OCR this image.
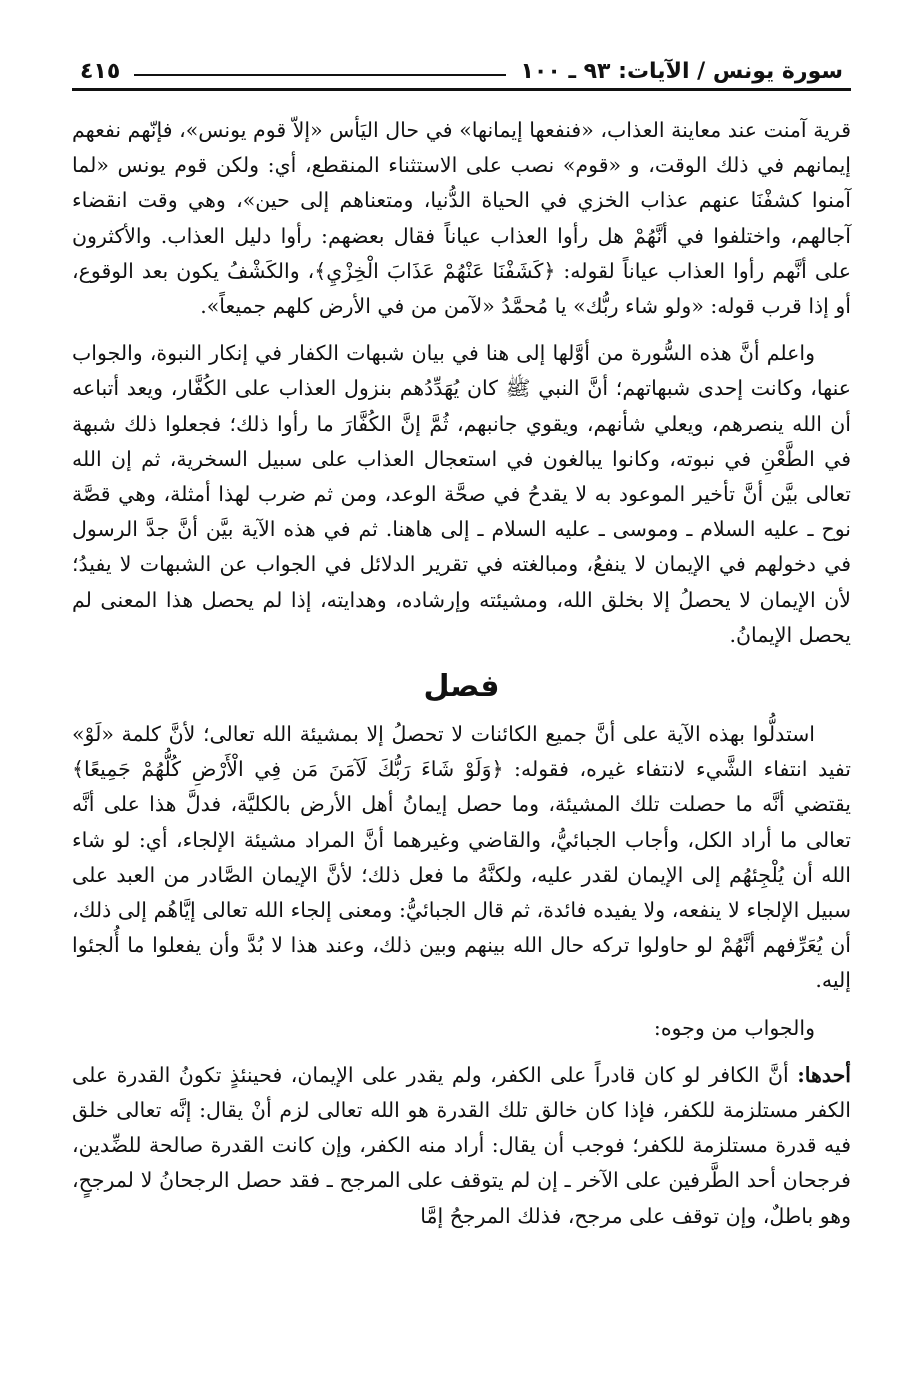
سورة يونس / الآيات: ٩٣ ـ ١٠٠
٤١٥

قرية آمنت عند معاينة العذاب، «فنفعها إيمانها» في حال اليَأس «إلاّ قوم يونس»، فإنّهم نفعهم إيمانهم في ذلك الوقت، و «قوم» نصب على الاستثناء المنقطع، أي: ولكن قوم يونس «لما آمنوا كشفْنَا عنهم عذاب الخزي في الحياة الدُّنيا، ومتعناهم إلى حين»، وهي وقت انقضاء آجالهم، واختلفوا في أنَّهُمْ هل رأوا العذاب عياناً فقال بعضهم: رأوا دليل العذاب. والأكثرون على أنَّهم رأوا العذاب عياناً لقوله: ﴿كَشَفْنَا عَنْهُمْ عَذَابَ الْخِزْيِ﴾، والكَشْفُ يكون بعد الوقوع، أو إذا قرب قوله: «ولو شاء ربُّك» يا مُحمَّدُ «لآمن من في الأرض كلهم جميعاً».

واعلم أنَّ هذه السُّورة من أوَّلها إلى هنا في بيان شبهات الكفار في إنكار النبوة، والجواب عنها، وكانت إحدى شبهاتهم؛ أنَّ النبي ﷺ كان يُهَدِّدُهم بنزول العذاب على الكُفَّار، ويعد أتباعه أن الله ينصرهم، ويعلي شأنهم، ويقوي جانبهم، ثُمَّ إنَّ الكُفَّارَ ما رأوا ذلك؛ فجعلوا ذلك شبهة في الطَّعْنِ في نبوته، وكانوا يبالغون في استعجال العذاب على سبيل السخرية، ثم إن الله تعالى بيَّن أنَّ تأخير الموعود به لا يقدحُ في صحَّة الوعد، ومن ثم ضرب لهذا أمثلة، وهي قصَّة نوح ـ عليه السلام ـ وموسى ـ عليه السلام ـ إلى هاهنا. ثم في هذه الآية بيَّن أنَّ جدَّ الرسول في دخولهم في الإيمان لا ينفعُ، ومبالغته في تقرير الدلائل في الجواب عن الشبهات لا يفيدُ؛ لأن الإيمان لا يحصلُ إلا بخلق الله، ومشيئته وإرشاده، وهدايته، إذا لم يحصل هذا المعنى لم يحصل الإيمانُ.

فصل

استدلُّوا بهذه الآية على أنَّ جميع الكائنات لا تحصلُ إلا بمشيئة الله تعالى؛ لأنَّ كلمة «لَوْ» تفيد انتفاء الشَّيء لانتفاء غيره، فقوله: ﴿وَلَوْ شَاءَ رَبُّكَ لَآمَنَ مَن فِي الْأَرْضِ كُلُّهُمْ جَمِيعًا﴾ يقتضي أنَّه ما حصلت تلك المشيئة، وما حصل إيمانُ أهل الأرض بالكليَّة، فدلَّ هذا على أنَّه تعالى ما أراد الكل، وأجاب الجبائيُّ، والقاضي وغيرهما أنَّ المراد مشيئة الإلجاء، أي: لو شاء الله أن يُلْجِئهُم إلى الإيمان لقدر عليه، ولكنَّهُ ما فعل ذلك؛ لأنَّ الإيمان الصَّادر من العبد على سبيل الإلجاء لا ينفعه، ولا يفيده فائدة، ثم قال الجبائيُّ: ومعنى إلجاء الله تعالى إيَّاهُم إلى ذلك، أن يُعَرِّفهم أنَّهُمْ لو حاولوا تركه حال الله بينهم وبين ذلك، وعند هذا لا بُدَّ وأن يفعلوا ما أُلجئوا إليه.

والجواب من وجوه:

أحدها: أنَّ الكافر لو كان قادراً على الكفر، ولم يقدر على الإيمان، فحينئذٍ تكونُ القدرة على الكفر مستلزمة للكفر، فإذا كان خالق تلك القدرة هو الله تعالى لزم أنْ يقال: إنَّه تعالى خلق فيه قدرة مستلزمة للكفر؛ فوجب أن يقال: أراد منه الكفر، وإن كانت القدرة صالحة للضِّدين، فرجحان أحد الطَّرفين على الآخر ـ إن لم يتوقف على المرجح ـ فقد حصل الرجحانُ لا لمرجحٍ، وهو باطلٌ، وإن توقف على مرجح، فذلك المرجحُ إمَّا
